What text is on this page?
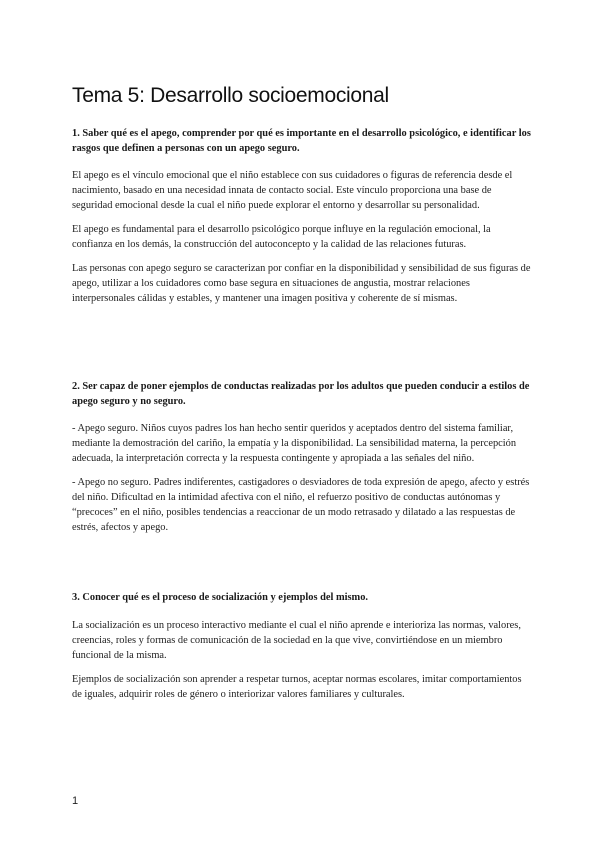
Tema 5: Desarrollo socioemocional

1. Saber qué es el apego, comprender por qué es importante en el desarrollo psicológico, e identificar los rasgos que definen a personas con un apego seguro.

El apego es el vínculo emocional que el niño establece con sus cuidadores o figuras de referencia desde el nacimiento, basado en una necesidad innata de contacto social. Este vínculo proporciona una base de seguridad emocional desde la cual el niño puede explorar el entorno y desarrollar su personalidad.

El apego es fundamental para el desarrollo psicológico porque influye en la regulación emocional, la confianza en los demás, la construcción del autoconcepto y la calidad de las relaciones futuras.

Las personas con apego seguro se caracterizan por confiar en la disponibilidad y sensibilidad de sus figuras de apego, utilizar a los cuidadores como base segura en situaciones de angustia, mostrar relaciones interpersonales cálidas y estables, y mantener una imagen positiva y coherente de sí mismas.

2. Ser capaz de poner ejemplos de conductas realizadas por los adultos que pueden conducir a estilos de apego seguro y no seguro.

- Apego seguro. Niños cuyos padres los han hecho sentir queridos y aceptados dentro del sistema familiar, mediante la demostración del cariño, la empatía y la disponibilidad. La sensibilidad materna, la percepción adecuada, la interpretación correcta y la respuesta contingente y apropiada a las señales del niño.

- Apego no seguro. Padres indiferentes, castigadores o desviadores de toda expresión de apego, afecto y estrés del niño. Dificultad en la intimidad afectiva con el niño, el refuerzo positivo de conductas autónomas y “precoces” en el niño, posibles tendencias a reaccionar de un modo retrasado y dilatado a las respuestas de estrés, afectos y apego.

3. Conocer qué es el proceso de socialización y ejemplos del mismo.

La socialización es un proceso interactivo mediante el cual el niño aprende e interioriza las normas, valores, creencias, roles y formas de comunicación de la sociedad en la que vive, convirtiéndose en un miembro funcional de la misma.

Ejemplos de socialización son aprender a respetar turnos, aceptar normas escolares, imitar comportamientos de iguales, adquirir roles de género o interiorizar valores familiares y culturales.

1
